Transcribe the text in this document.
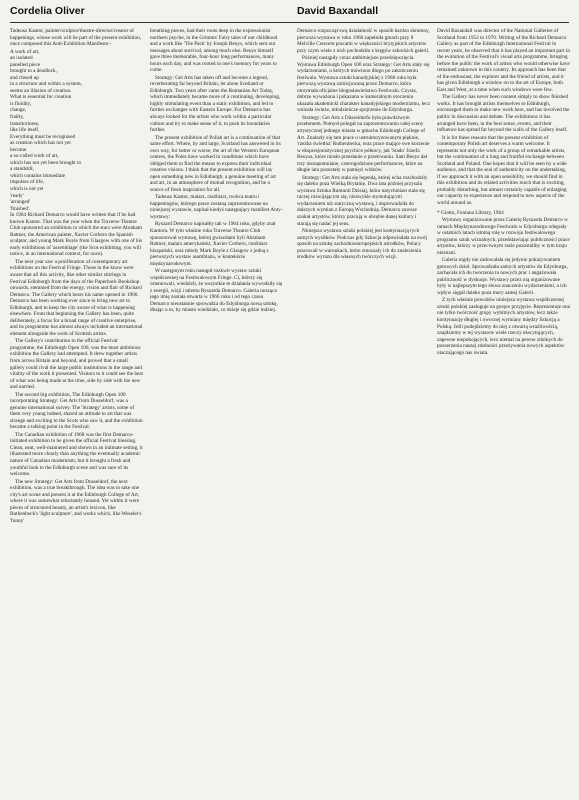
Cordelia Oliver	David Baxandall

Tadeusz Kantor, painter/sculptor/theatre-director/creator of happenings, whose work will be part of the present exhibition, once composed this Anti-Exhibition Manifesto:-

A work of art,
an isolated
panelled piece
brought to a deadlock,
and closed up
in a structure and within a system,
seems an illusion of creation.
What is essential for creation
is fluidity,
change,
frailty,
transitoriness,
like life itself.
Everything must be recognised
as creation which has not yet
become
a so-called work of art,
which has not yet been brought to
a standstill,
which contains immediate
impulses of life,
which is not yet
'ready'
'arranged'
'finished'.

In 1964 Richard Demarco would have written that if he had known Kantor. That was the year when the Traverse Theatre Club sponsored an exhibition in which the stars were Abraham Rattner, the American painter, Xavier Corbero the Spanish sculptor, and young Mark Boyle from Glasgow with one of his early exhibitions of 'assemblage' (the Scot exhibiting, you will notice, in an international context, for once).

The next year saw a proliferation of contemporary art exhibitions on the Festival Fringe. Those in the know were aware that all this activity, like other similar stirrings in Festival Edinburgh from the days of the Paperback Bookshop onwards, stemmed from the energy, vision and flair of Richard Demarco. The Gallery which bears his name opened in 1966. Demarco has been working ever since to bring new art to Edinburgh, and to keep the city aware of what is happening elsewhere. From that beginning the Gallery has been, quite deliberately, a focus for a broad range of creative enterprise, and its programme has almost always included an international element alongside the work of Scottish artists.

The Gallery's contribution to the official Festival programme, the Edinburgh Open 100, was the most ambitious exhibition the Gallery had attempted. It drew together artists from across Britain and beyond, and proved that a small gallery could rival the large public institutions in the range and vitality of the work it presented. Visitors to it could see the best of what was being made at the time, side by side with the new and untried.

The second big exhibition, The Edinburgh Open 100 incorporating Strategy: Get Arts from Dusseldorf, was a genuine international survey. The 'Strategy' artists, some of them very young indeed, shared an attitude to art that was strange and exciting to the Scots who saw it, and the exhibition became a talking point in the Festival.

The Canadian exhibition of 1968 was the first Demarco-initiated exhibition to be given the official Festival blessing. Clean, neat, well-mannered and shown in an intimate setting, it illustrated more clearly than anything the eventually academic nature of Canadian modernism, but it brought a fresh and youthful look to the Edinburgh scene and was sure of its welcome.

The new Strategy: Get Arts from Dusseldorf, the next exhibition, was a true breakthrough. The idea was to take one city's art scene and present it at the Edinburgh College of Art, where it was somewhat reluctantly housed. Yet within it were pieces of structured beauty, an artist's lexicon, like Ruthenbeck's 'light sculpture', and works which, like Weseler's 'funny'

breathing pieces, had their roots deep in the expressionist northern psyche, in the Grimms' Fairy tales of our childhood and a work like 'The Pack' by Joseph Beuys, which sent out messages about survival, among much else. Beuys himself gave three memorable, four-hour long performances, many hours each day, and was rooted in one's memory for years to come.

Strategy: Get Arts has taken off and become a legend, reverberating far beyond Britain, let alone Scotland or Edinburgh. Two years after came the Romanian Art Today, which immediately became more of a continuing, developing, highly stimulating event than a static exhibition, and led to further exchanges with Eastern Europe. For Demarco has always looked for the artists who work within a particular culture and try to make sense of it, to push its boundaries further.

The present exhibition of Polish art is a continuation of that same effort. Where, by and large, Scotland has answered in its own way, for better or worse, the art of the Western European centres, the Poles have worked in conditions which have obliged them to find the means to express their individual creative visions. I think that the present exhibition will lay open something new in Edinburgh, a genuine meeting of art and art, in an atmosphere of mutual recognition, and be a source of fresh inspiration for all.

Tadeusz Kantor, malarz, rzeźbiarz, twórca teatru i happeningów, którego prace zostaną zaprezentowane na niniejszej wystawie, napisał kiedyś następujący manifest Anty-wystawy:

Ryszard Demarco napisałby tak w 1964 roku, gdyby znał Kantora. W tym właśnie roku Traverse Theatre Club sponsorował wystawę, której gwiazdami byli Abraham Rattner, malarz amerykański, Xavier Corbero, rzeźbiarz hiszpański, oraz młody Mark Boyle z Glasgow z jedną z pierwszych wystaw asamblażu, w kontekście międzynarodowym.

W następnym roku nastąpił rozkwit wystaw sztuki współczesnej na Festiwalowym Fringe. Ci, którzy się orientowali, wiedzieli, że wszystkie te działania wywodziły się z energii, wizji i talentu Ryszarda Demarco. Galeria nosząca jego imię została otwarta w 1966 roku i od tego czasu Demarco nieustannie sprowadza do Edynburga nową sztukę, dbając o to, by miasto wiedziało, co dzieje się gdzie indziej.

Demarco rozpoczął swą działalność w sposób bardzo skromny, pierwsza wystawa w roku 1966 zapełniła gmach przy 8 Melville Crescent pracami w większości brytyjskich artystów przy czym wiele z nich pochodziło z kręgów szkockich galerii.

Później nastąpiły coraz ambitniejsze przedsięwzięcia. Wystawa Edinburgh Open 100 oraz Strategy: Get Arts stały się wydarzeniami, o których mówiono długo po zakończeniu festiwalu. Wystawa sztuki kanadyjskiej z 1968 roku była pierwszą wystawą zainicjowaną przez Demarco, która otrzymała oficjalne błogosławieństwo Festiwalu. Czysta, dobrze wyważona i pokazana w kameralnym otoczeniu ukazała akademicki charakter kanadyjskiego modernizmu, lecz wniosła świeże, młodzieńcze spojrzenie do Edynburga.

Strategy: Get Arts z Düsseldorfu była prawdziwym przełomem. Pomysł polegał na zaprezentowaniu całej sceny artystycznej jednego miasta w gmachu Edinburgh College of Art. Znalazły się tam prace o ustrukturyzowanym pięknie, 'rzeźba świetlna' Ruthenbecka, oraz prace mające swe korzenie w ekspresjonistycznej psychice północy, jak 'Stado' Józefa Beuysa, które niosło przesłanie o przetrwaniu. Sam Beuys dał trzy niezapomniane, czterogodzinne performances, które na długie lata pozostały w pamięci widzów.

Strategy: Get Arts stała się legendą, której echa rozchodziły się daleko poza Wielką Brytanię. Dwa lata później przyszła wystawa Sztuka Rumunii Dzisiaj, która natychmiast stała się raczej rozwijającym się, niezwykle stymulującym wydarzeniem niż statyczną wystawą, i doprowadziła do dalszych wymian z Europą Wschodnią. Demarco zawsze szukał artystów, którzy pracują w obrębie danej kultury i starają się nadać jej sens.

Niniejsza wystawa sztuki polskiej jest kontynuacją tych samych wysiłków. Podczas gdy Szkocja odpowiadała na swój sposób na sztukę zachodnioeuropejskich ośrodków, Polacy pracowali w warunkach, które zmuszały ich do znalezienia środków wyrazu dla własnych twórczych wizji.

David Baxandall was director of the National Galleries of Scotland from 1952 to 1970. Writing of the Richard Demarco Gallery as part of the Edinburgh International Festival in recent years, he observed that it has played an important part in the evolution of the Festival's visual arts programme, bringing before the public the work of artists who would otherwise have remained unknown in this country. Its approach has been that of the enthusiast, the explorer and the friend of artists, and it has given Edinburgh a window on to the art of Europe, both East and West, at a time when such windows were few.

The Gallery has never been content simply to show finished works. It has brought artists themselves to Edinburgh, encouraged them to make new work here, and has involved the public in discussion and debate. The exhibitions it has arranged have been, in the best sense, events, and their influence has spread far beyond the walls of the Gallery itself.

It is for these reasons that the present exhibition of contemporary Polish art deserves a warm welcome. It represents not only the work of a group of remarkable artists, but the continuation of a long and fruitful exchange between Scotland and Poland. One hopes that it will be seen by a wide audience, and that the seal of authenticity on the undertaking, if we approach it with an open sensibility, we should find in this exhibition and its related activities much that is exciting, probably disturbing, but almost certainly capable of enlarging our capacity to experience and respond to new aspects of the world around us.

* Giotto, Fontana Library, 1964

Wystawy organizowane przez Galerię Ryszarda Demarco w ramach Międzynarodowego Festiwalu w Edynburgu odegrały w ostatnich latach istotną rolę w rozwoju festiwalowego programu sztuk wizualnych, przedstawiając publiczności prace artystów, którzy w przeciwnym razie pozostaliby w tym kraju nieznani.

Galeria nigdy nie zadowalała się jedynie pokazywaniem gotowych dzieł. Sprowadzała samych artystów do Edynburga, zachęcała ich do tworzenia tu nowych prac i angażowała publiczność w dyskusje. Wystawy przez nią organizowane były w najlepszym tego słowa znaczeniu wydarzeniami, a ich wpływ sięgał daleko poza mury samej Galerii.

Z tych właśnie powodów niniejsza wystawa współczesnej sztuki polskiej zasługuje na gorące przyjęcie. Reprezentuje ona nie tylko twórczość grupy wybitnych artystów, lecz także kontynuację długiej i owocnej wymiany między Szkocją a Polską. Jeśli podejdziemy do niej z otwartą wrażliwością, znajdziemy w tej wystawie wiele rzeczy ekscytujących, zapewne niepokojących, lecz niemal na pewno zdolnych do poszerzenia naszej zdolności przeżywania nowych aspektów otaczającego nas świata.
